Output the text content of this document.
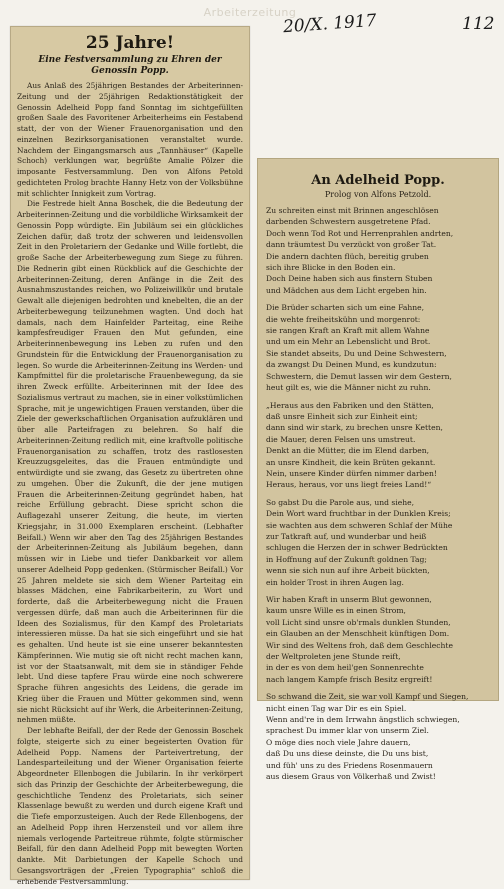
Arbeiterzeitung
20/X. 1917	112
25 Jahre!
Eine Festversammlung zu Ehren der Genossin Popp.

Aus Anlaß des 25jährigen Bestandes der Arbeiterinnen-Zeitung und der 25jährigen Redaktionstätigkeit der Genossin Adelheid Popp fand Sonntag im sichtgefüllten großen Saale des Favoritener Arbeiterheims ein Festabend statt, der von der Wiener Frauenorganisation und den einzelnen Bezirksorganisationen veranstaltet wurde. Nachdem der Eingangsmarsch aus „Tannhäuser“ (Kapelle Schoch) verklungen war, begrüßte Amalie Pölzer die imposante Festversammlung. Den von Alfons Petold gedichteten Prolog brachte Hanny Hetz von der Volksbühne mit schlichter Innigkeit zum Vortrag.

Die Festrede hielt Anna Boschek, die die Bedeutung der Arbeiterinnen-Zeitung und die vorbildliche Wirksamkeit der Genossin Popp würdigte. Ein Jubiläum sei ein glückliches Zeichen dafür, daß trotz der schweren und leidensvollen Zeit in den Proletariern der Gedanke und Wille fortlebt, die große Sache der Arbeiterbewegung zum Siege zu führen. Die Rednerin gibt einen Rückblick auf die Geschichte der Arbeiterinnen-Zeitung, deren Anfänge in die Zeit des Ausnahmszustandes reichen, wo Polizeiwillkür und brutale Gewalt alle diejenigen bedrohten und knebelten, die an der Arbeiterbewegung teilzunehmen wagten. Und doch hat damals, nach dem Hainfelder Parteitag, eine Reihe kampfesfreudiger Frauen den Mut gefunden, eine Arbeiterinnenbewegung ins Leben zu rufen und den Grundstein für die Entwicklung der Frauenorganisation zu legen. So wurde die Arbeiterinnen-Zeitung ins Werden- und Kampfmittel für die proletarische Frauenbewegung, da sie ihren Zweck erfüllte. Arbeiterinnen mit der Idee des Sozialismus vertraut zu machen, sie in einer volkstümlichen Sprache, mit je ungewichtigen Frauen verstanden, über die Ziele der gewerkschaftlichen Organisation aufzuklären und über alle Parteifragen zu belehren. So half die Arbeiterinnen-Zeitung redlich mit, eine kraftvolle politische Frauenorganisation zu schaffen, trotz des rastlosesten Kreuzzugsgeleites, das die Frauen entmündigte und entwürdigte und sie zwang, das Gesetz zu übertreten ohne zu umgehen. Über die Zukunft, die der jene mutigen Frauen die Arbeiterinnen-Zeitung gegründet haben, hat reiche Erfüllung gebracht. Diese spricht schon die Auflagezahl unserer Zeitung, die heute, im vierten Kriegsjahr, in 31.000 Exemplaren erscheint. (Lebhafter Beifall.) Wenn wir aber den Tag des 25jährigen Bestandes der Arbeiterinnen-Zeitung als Jubiläum begehen, dann müssen wir in Liebe und tiefer Dankbarkeit vor allem unserer Adelheid Popp gedenken. (Stürmischer Beifall.) Vor 25 Jahren meldete sie sich dem Wiener Parteitag ein blasses Mädchen, eine Fabrikarbeiterin, zu Wort und forderte, daß die Arbeiterbewegung nicht die Frauen vergessen dürfe, daß man auch die Arbeiterinnen für die Ideen des Sozialismus, für den Kampf des Proletariats interessieren müsse. Da hat sie sich eingeführt und sie hat es gehalten. Und heute ist sie eine unserer bekanntesten Kämpferinnen. Wie mutig sie oft nicht recht machen kann, ist vor der Staatsanwalt, mit dem sie in ständiger Fehde lebt. Und diese tapfere Frau würde eine noch schwerere Sprache führen angesichts des Leidens, die gerade im Krieg über die Frauen und Mütter gekommen sind, wenn sie nicht Rücksicht auf ihr Werk, die Arbeiterinnen-Zeitung, nehmen müßte.

Der lebhafte Beifall, der der Rede der Genossin Boschek folgte, steigerte sich zu einer begeisterten Ovation für Adelheid Popp. Namens der Parteivertretung, der Landesparteileitung und der Wiener Organisation feierte Abgeordneter Ellenbogen die Jubilarin. In ihr verkörpert sich das Prinzip der Geschichte der Arbeiterbewegung, die geschichtliche Tendenz des Proletariats, sich seiner Klassenlage bewußt zu werden und durch eigene Kraft und die Tiefe emporzusteigen. Auch der Rede Ellenbogens, der an Adelheid Popp ihren Herzensteil und vor allem ihre niemals verlogende Parteitreue rühmte, folgte stürmischer Beifall, für den dann Adelheid Popp mit bewegten Worten dankte. Mit Darbietungen der Kapelle Schoch und Gesangsvorträgen der „Freien Typographia“ schloß die erhebende Festversammlung.

An Adelheid Popp.
Prolog von Alfons Petzold.
Zu schreiten einst mit Brinnen angeschlösen
darbenden Schwestern ausgetretene Pfad.
Doch wenn Tod Rot und Herrenprahlen andrten,
dann träumtest Du verzückt von großer Tat.
Die andern dachten flüch, bereitig gruben
sich ihre Blicke in den Boden ein.
Doch Deine haben sich aus finstern Stuben
und Mädchen aus dem Licht ergeben hin.
Die Brüder scharten sich um eine Fahne,
die wehte freiheitskühn und morgenrot:
sie rangen Kraft an Kraft mit allem Wahne
und um ein Mehr an Lebenslicht und Brot.
Sie standet abseits, Du und Deine Schwestern,
da zwangst Du Deinen Mund, es kundzutun:
Schwestern, die Demut lassen wir dem Gestern,
heut gilt es, wie die Männer nicht zu ruhn.
„Heraus aus den Fabriken und den Stätten,
daß unsre Einheit sich zur Einheit eint;
dann sind wir stark, zu brechen unsre Ketten,
die Mauer, deren Felsen uns umstreut.
Denkt an die Mütter, die im Elend darben,
an unsre Kindheit, die kein Brüten gekannt.
Nein, unsere Kinder dürfen nimmer darben!
Heraus, heraus, vor uns liegt freies Land!“
So gabst Du die Parole aus, und siehe,
Dein Wort ward fruchtbar in der Dunklen Kreis;
sie wachten aus dem schweren Schlaf der Mühe
zur Tatkraft auf, und wunderbar und heiß
schlugen die Herzen der in schwer Bedrückten
in Hoffnung auf der Zukunft goldnen Tag;
wenn sie sich nun auf ihre Arbeit bückten,
ein holder Trost in ihren Augen lag.
Wir haben Kraft in unserm Blut gewonnen,
kaum unsre Wille es in einen Strom,
voll Licht sind unsre ob'rmals dunklen Stunden,
ein Glauben an der Menschheit künftigen Dom.
Wir sind des Weltens froh, daß dem Geschlechte
der Weltproleten jene Stunde reift,
in der es von dem heil'gen Sonnenrechte
nach langem Kampfe frisch Besitz ergreift!
So schwand die Zeit, sie war voll Kampf und Siegen,
nicht einen Tag war Dir es ein Spiel.
Wenn and're in dem Irrwahn ängstlich schwiegen,
sprachest Du immer klar von unserm Ziel.
O möge dies noch viele Jahre dauern,
daß Du uns diese deinste, die Du uns bist,
und füh' uns zu des Friedens Rosenmauern
aus diesem Graus von Völkerhaß und Zwist!
